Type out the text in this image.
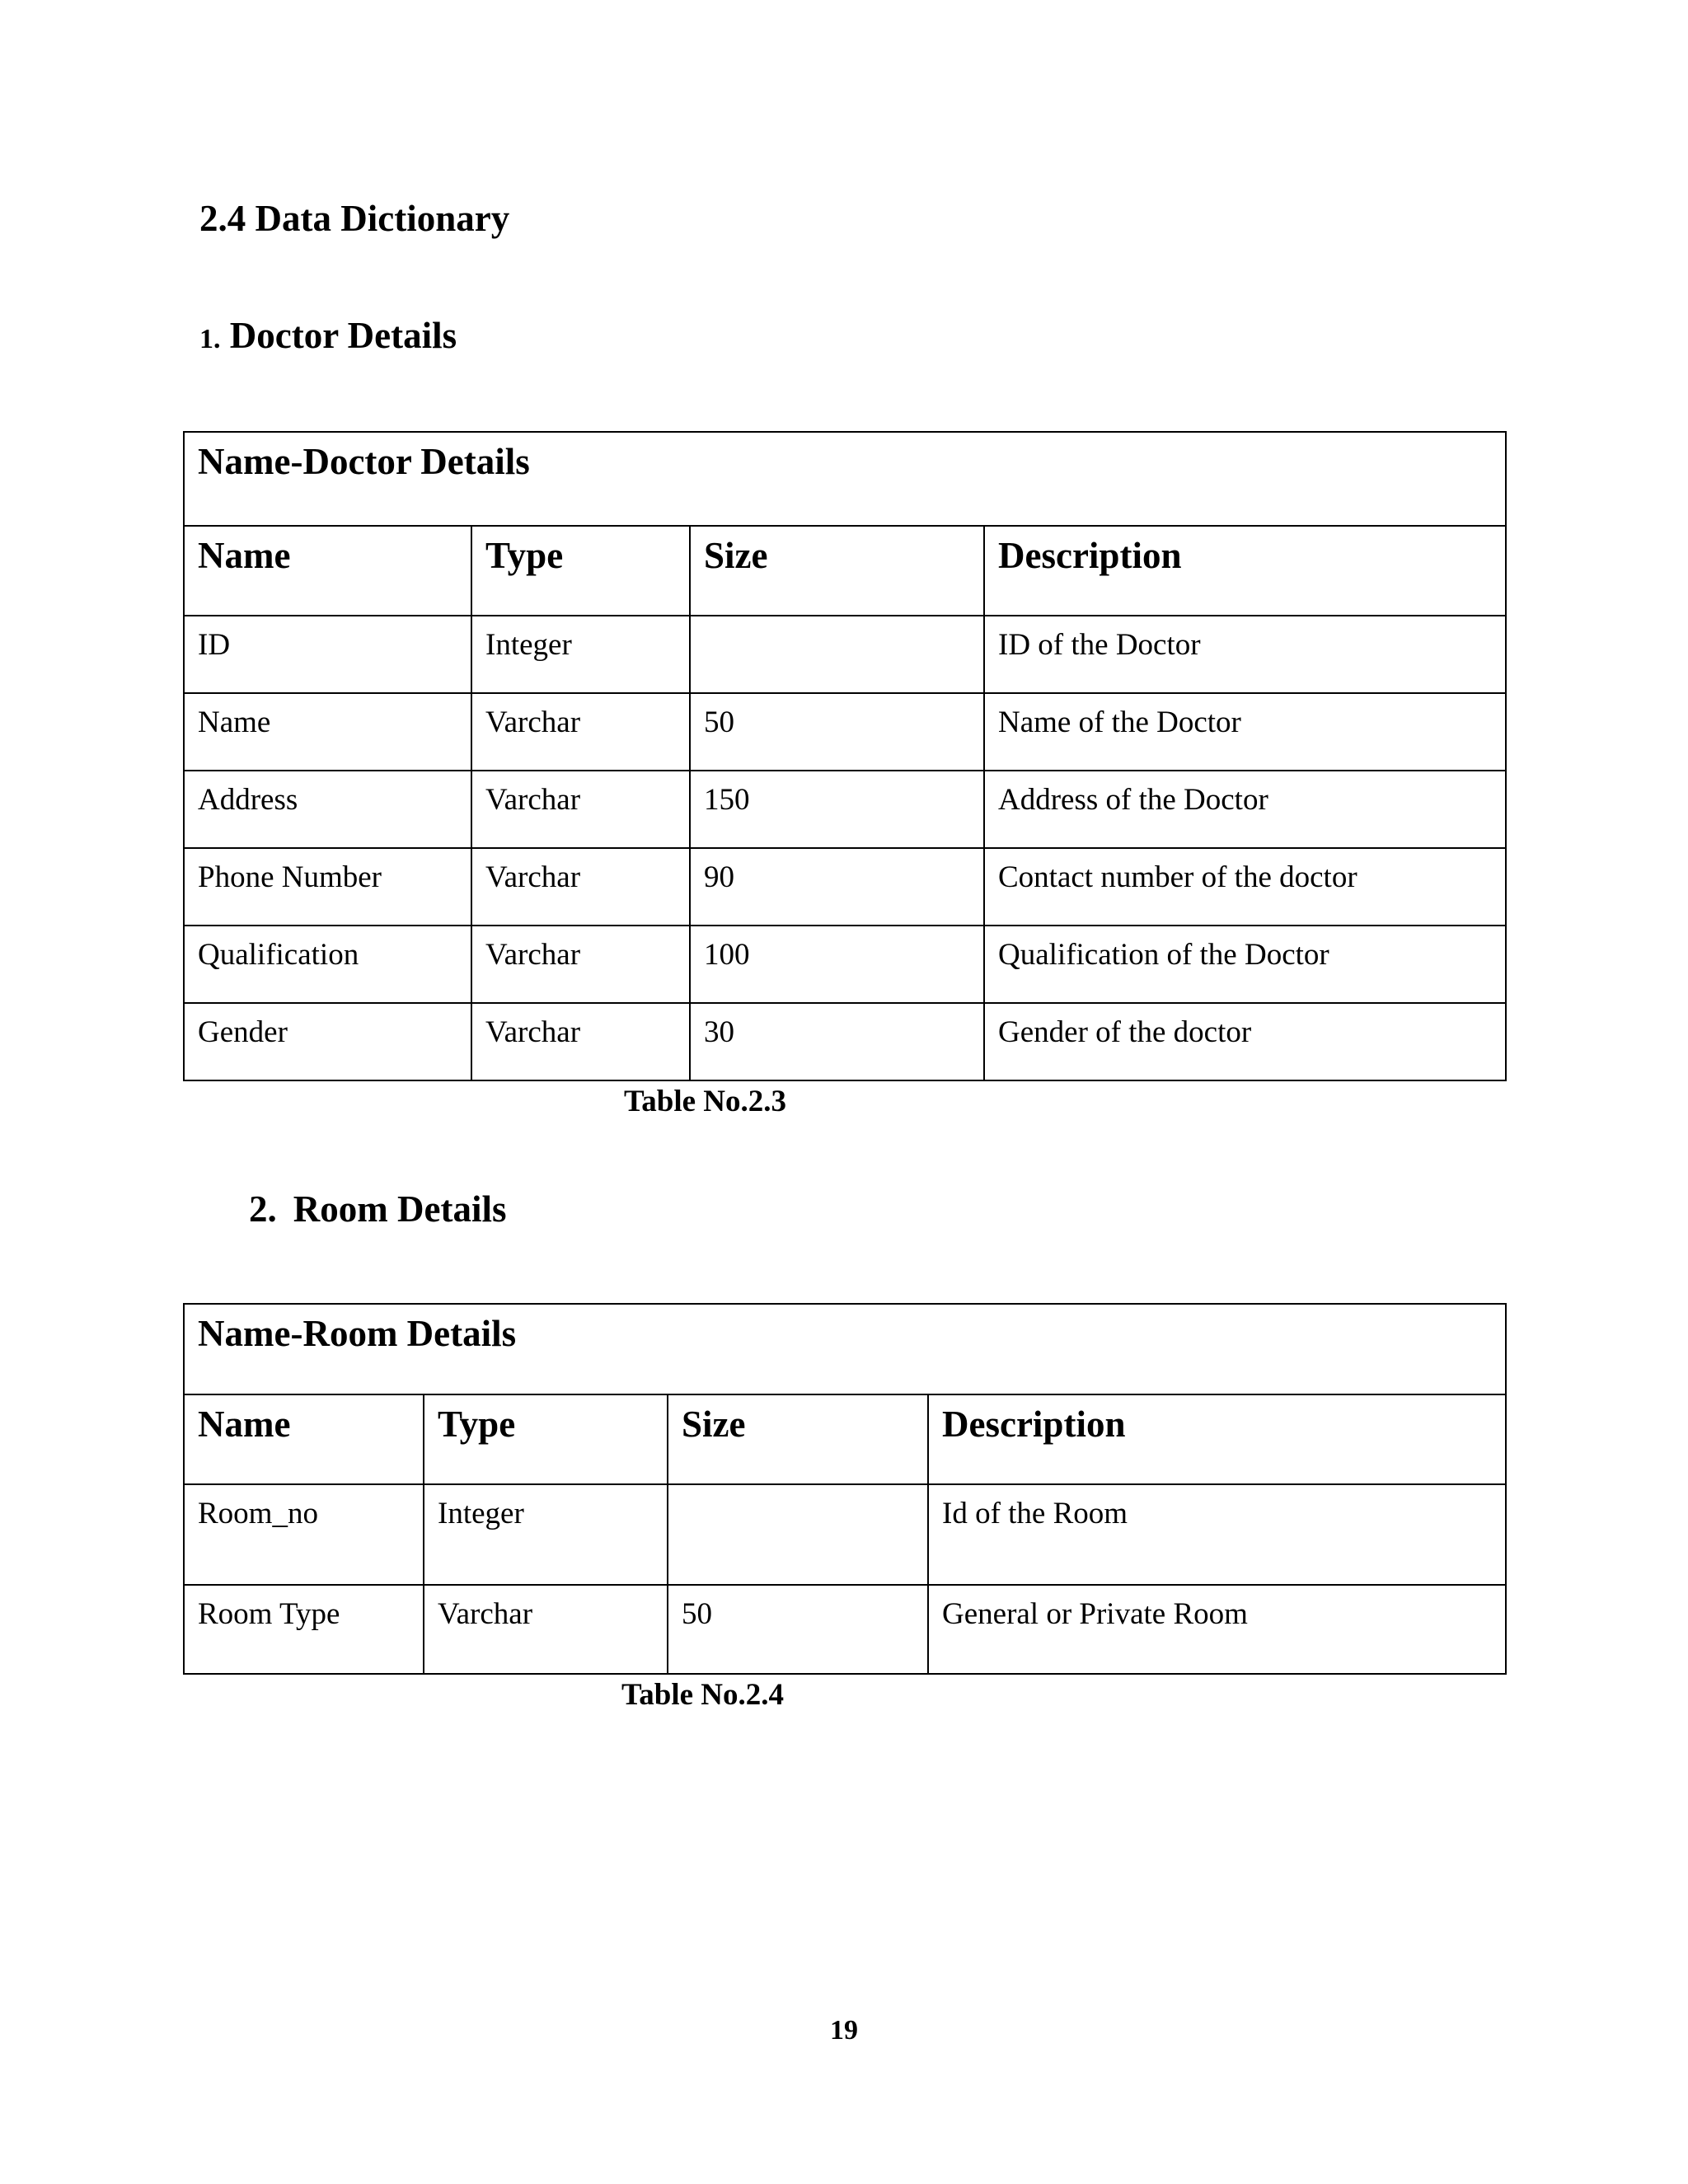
2.4 Data Dictionary
1. Doctor Details
Name-Doctor Details			
Name	Type	Size	Description
ID	Integer		ID of the Doctor
Name	Varchar	50	Name of the Doctor
Address	Varchar	150	Address of the Doctor
Phone Number	Varchar	90	Contact number of the doctor
Qualification	Varchar	100	Qualification of the Doctor
Gender	Varchar	30	Gender of the doctor

Table No.2.3

2. Room Details
Name-Room Details			
Name	Type	Size	Description
Room_no	Integer		Id of the Room
Room Type	Varchar	50	General or Private Room

Table No.2.4

19
